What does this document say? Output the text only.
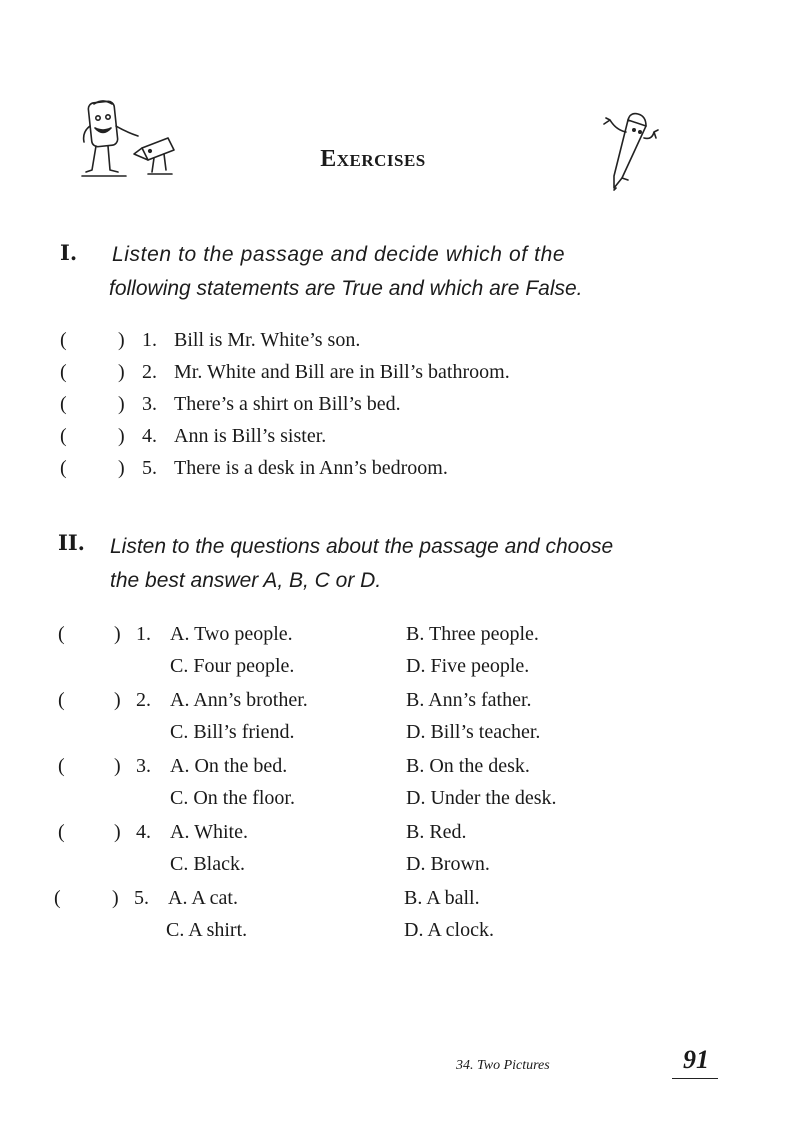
Exercises
I. Listen to the passage and decide which of the
following statements are True and which are False.
(	) 1. Bill is Mr. White’s son.
(	) 2. Mr. White and Bill are in Bill’s bathroom.
(	) 3. There’s a shirt on Bill’s bed.
(	) 4. Ann is Bill’s sister.
(	) 5. There is a desk in Ann’s bedroom.
II. Listen to the questions about the passage and choose
the best answer A, B, C or D.
( ) 1. A. Two people.	B. Three people.
C. Four people.	D. Five people.
( ) 2. A. Ann’s brother.	B. Ann’s father.
C. Bill’s friend.	D. Bill’s teacher.
( ) 3. A. On the bed.	B. On the desk.
C. On the floor.	D. Under the desk.
( ) 4. A. White.	B. Red.
C. Black.	D. Brown.
(	) 5. A. A cat.	B. A ball.
C. A shirt.	D. A clock.
34. Two Pictures	91
